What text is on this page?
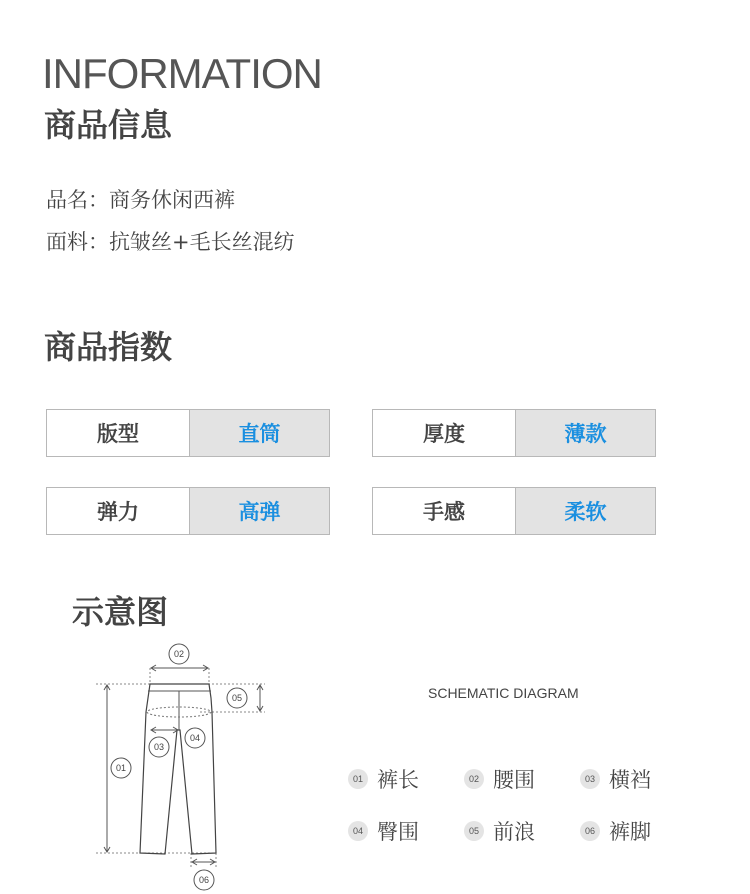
INFORMATION
商品信息
品名：商务休闲西裤
面料：抗皱丝+毛长丝混纺
商品指数
版型	直筒	厚度	薄款
弹力	高弹	手感	柔软
示意图
02
05
01
03
04
06
SCHEMATIC DIAGRAM
01 裤长	02 腰围	03 横裆
04 臀围	05 前浪	06 裤脚
